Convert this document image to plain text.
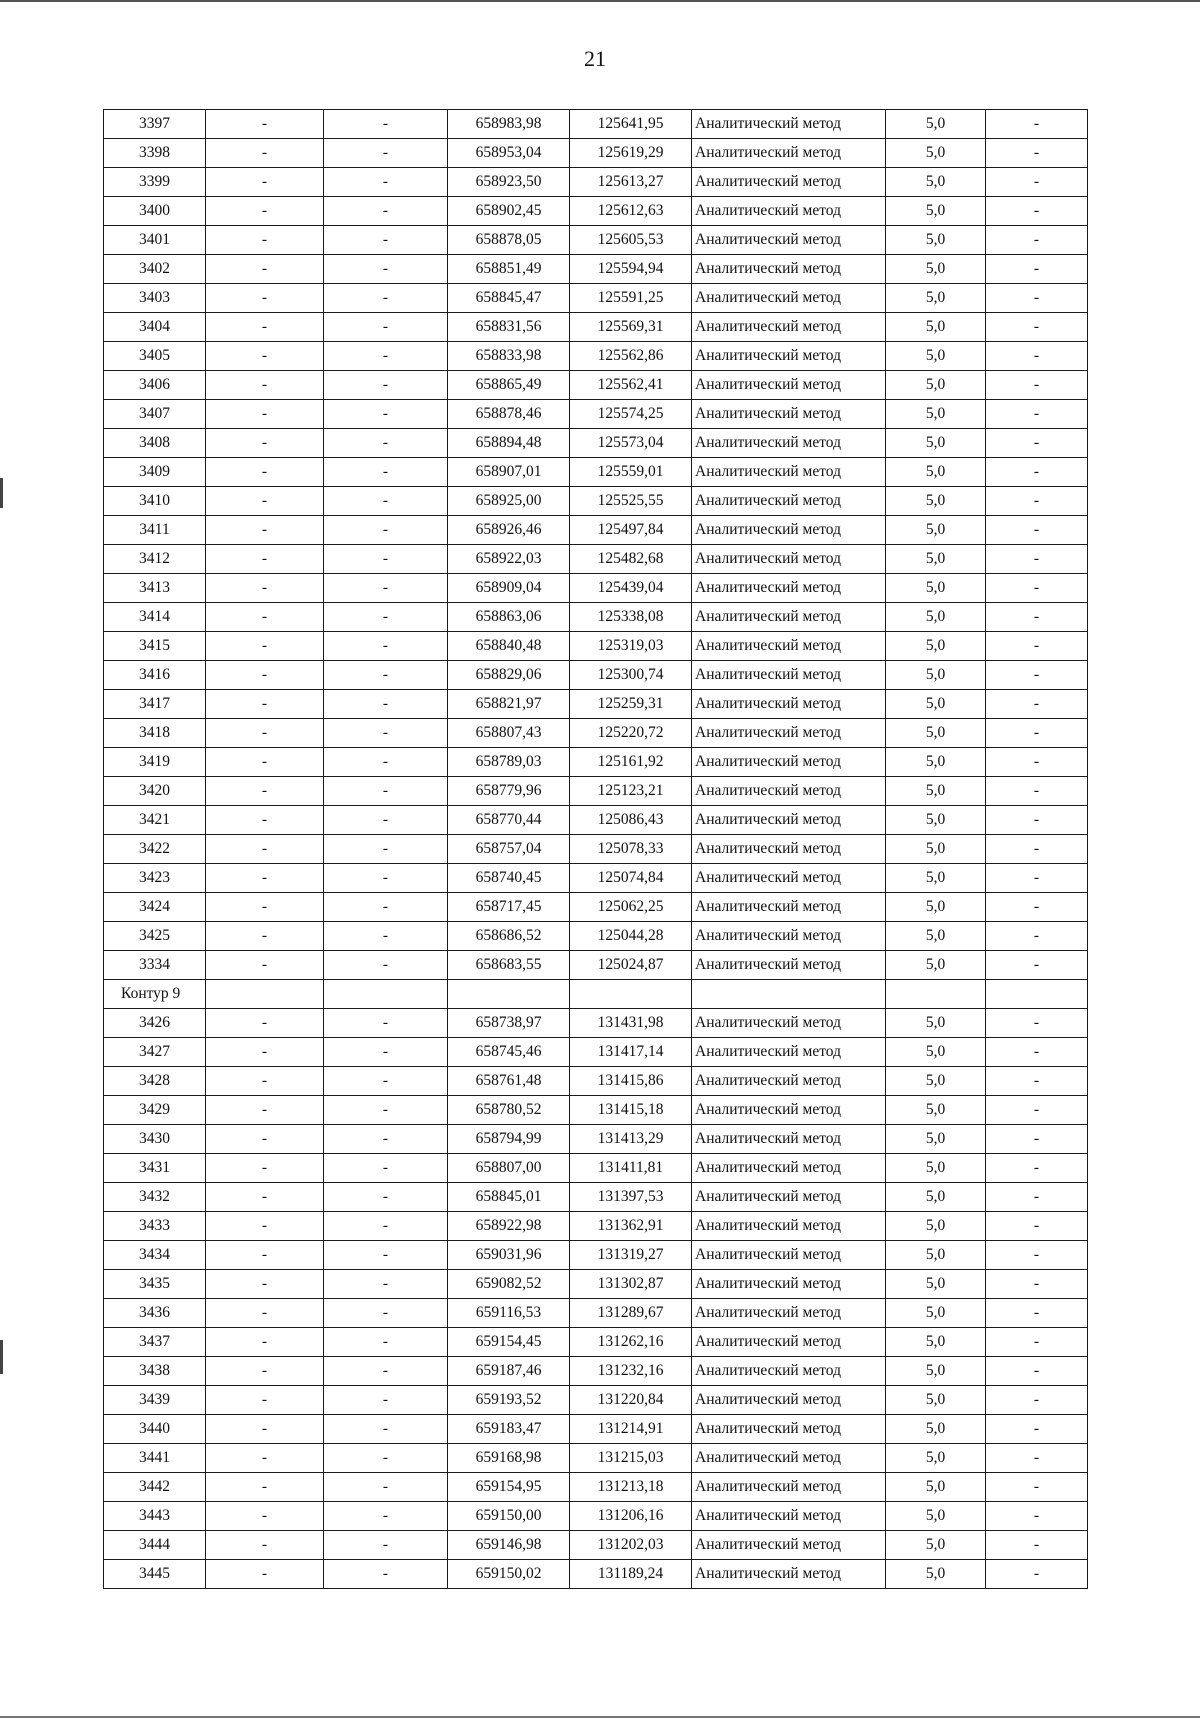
21
3397	-	-	658983,98	125641,95	Аналитический метод	5,0	-
3398	-	-	658953,04	125619,29	Аналитический метод	5,0	-
3399	-	-	658923,50	125613,27	Аналитический метод	5,0	-
3400	-	-	658902,45	125612,63	Аналитический метод	5,0	-
3401	-	-	658878,05	125605,53	Аналитический метод	5,0	-
3402	-	-	658851,49	125594,94	Аналитический метод	5,0	-
3403	-	-	658845,47	125591,25	Аналитический метод	5,0	-
3404	-	-	658831,56	125569,31	Аналитический метод	5,0	-
3405	-	-	658833,98	125562,86	Аналитический метод	5,0	-
3406	-	-	658865,49	125562,41	Аналитический метод	5,0	-
3407	-	-	658878,46	125574,25	Аналитический метод	5,0	-
3408	-	-	658894,48	125573,04	Аналитический метод	5,0	-
3409	-	-	658907,01	125559,01	Аналитический метод	5,0	-
3410	-	-	658925,00	125525,55	Аналитический метод	5,0	-
3411	-	-	658926,46	125497,84	Аналитический метод	5,0	-
3412	-	-	658922,03	125482,68	Аналитический метод	5,0	-
3413	-	-	658909,04	125439,04	Аналитический метод	5,0	-
3414	-	-	658863,06	125338,08	Аналитический метод	5,0	-
3415	-	-	658840,48	125319,03	Аналитический метод	5,0	-
3416	-	-	658829,06	125300,74	Аналитический метод	5,0	-
3417	-	-	658821,97	125259,31	Аналитический метод	5,0	-
3418	-	-	658807,43	125220,72	Аналитический метод	5,0	-
3419	-	-	658789,03	125161,92	Аналитический метод	5,0	-
3420	-	-	658779,96	125123,21	Аналитический метод	5,0	-
3421	-	-	658770,44	125086,43	Аналитический метод	5,0	-
3422	-	-	658757,04	125078,33	Аналитический метод	5,0	-
3423	-	-	658740,45	125074,84	Аналитический метод	5,0	-
3424	-	-	658717,45	125062,25	Аналитический метод	5,0	-
3425	-	-	658686,52	125044,28	Аналитический метод	5,0	-
3334	-	-	658683,55	125024,87	Аналитический метод	5,0	-
Контур 9							
3426	-	-	658738,97	131431,98	Аналитический метод	5,0	-
3427	-	-	658745,46	131417,14	Аналитический метод	5,0	-
3428	-	-	658761,48	131415,86	Аналитический метод	5,0	-
3429	-	-	658780,52	131415,18	Аналитический метод	5,0	-
3430	-	-	658794,99	131413,29	Аналитический метод	5,0	-
3431	-	-	658807,00	131411,81	Аналитический метод	5,0	-
3432	-	-	658845,01	131397,53	Аналитический метод	5,0	-
3433	-	-	658922,98	131362,91	Аналитический метод	5,0	-
3434	-	-	659031,96	131319,27	Аналитический метод	5,0	-
3435	-	-	659082,52	131302,87	Аналитический метод	5,0	-
3436	-	-	659116,53	131289,67	Аналитический метод	5,0	-
3437	-	-	659154,45	131262,16	Аналитический метод	5,0	-
3438	-	-	659187,46	131232,16	Аналитический метод	5,0	-
3439	-	-	659193,52	131220,84	Аналитический метод	5,0	-
3440	-	-	659183,47	131214,91	Аналитический метод	5,0	-
3441	-	-	659168,98	131215,03	Аналитический метод	5,0	-
3442	-	-	659154,95	131213,18	Аналитический метод	5,0	-
3443	-	-	659150,00	131206,16	Аналитический метод	5,0	-
3444	-	-	659146,98	131202,03	Аналитический метод	5,0	-
3445	-	-	659150,02	131189,24	Аналитический метод	5,0	-
